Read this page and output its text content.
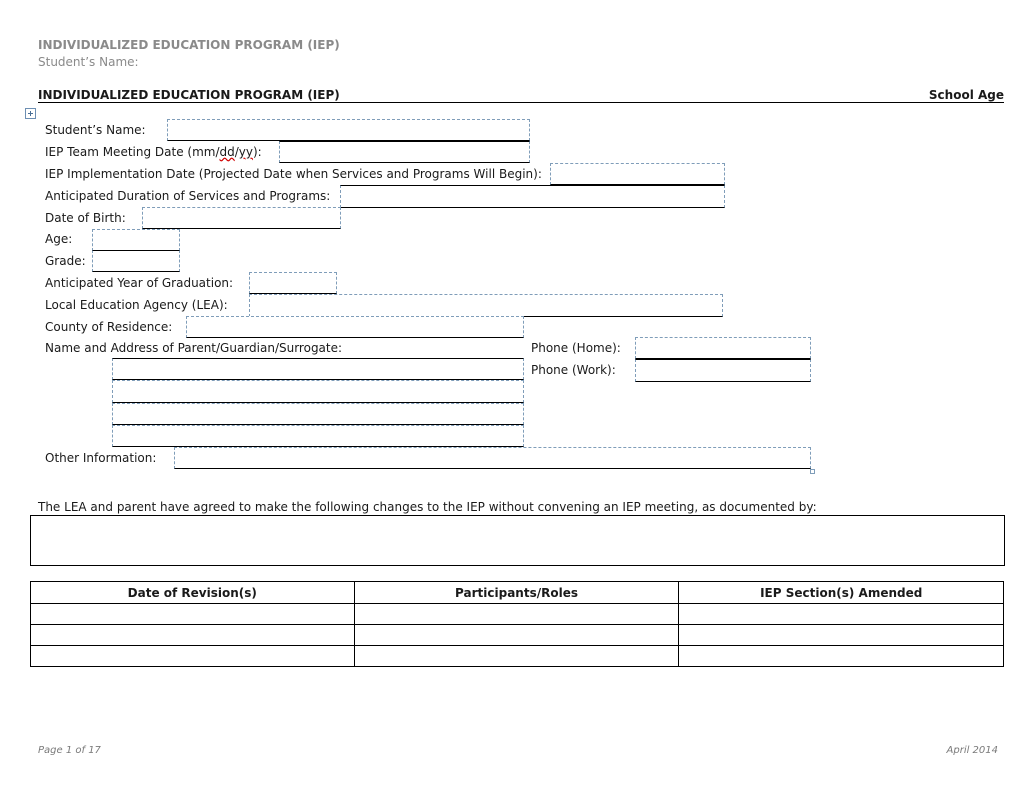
INDIVIDUALIZED EDUCATION PROGRAM (IEP)
Student’s Name:
INDIVIDUALIZED EDUCATION PROGRAM (IEP)	School Age
Student’s Name:
IEP Team Meeting Date (mm/dd/yy):
IEP Implementation Date (Projected Date when Services and Programs Will Begin):
Anticipated Duration of Services and Programs:
Date of Birth:
Age:
Grade:
Anticipated Year of Graduation:
Local Education Agency (LEA):
County of Residence:
Name and Address of Parent/Guardian/Surrogate:	Phone (Home):
Phone (Work):
Other Information:
The LEA and parent have agreed to make the following changes to the IEP without convening an IEP meeting, as documented by:
Date of Revision(s)	Participants/Roles	IEP Section(s) Amended

Page 1 of 17	April 2014
